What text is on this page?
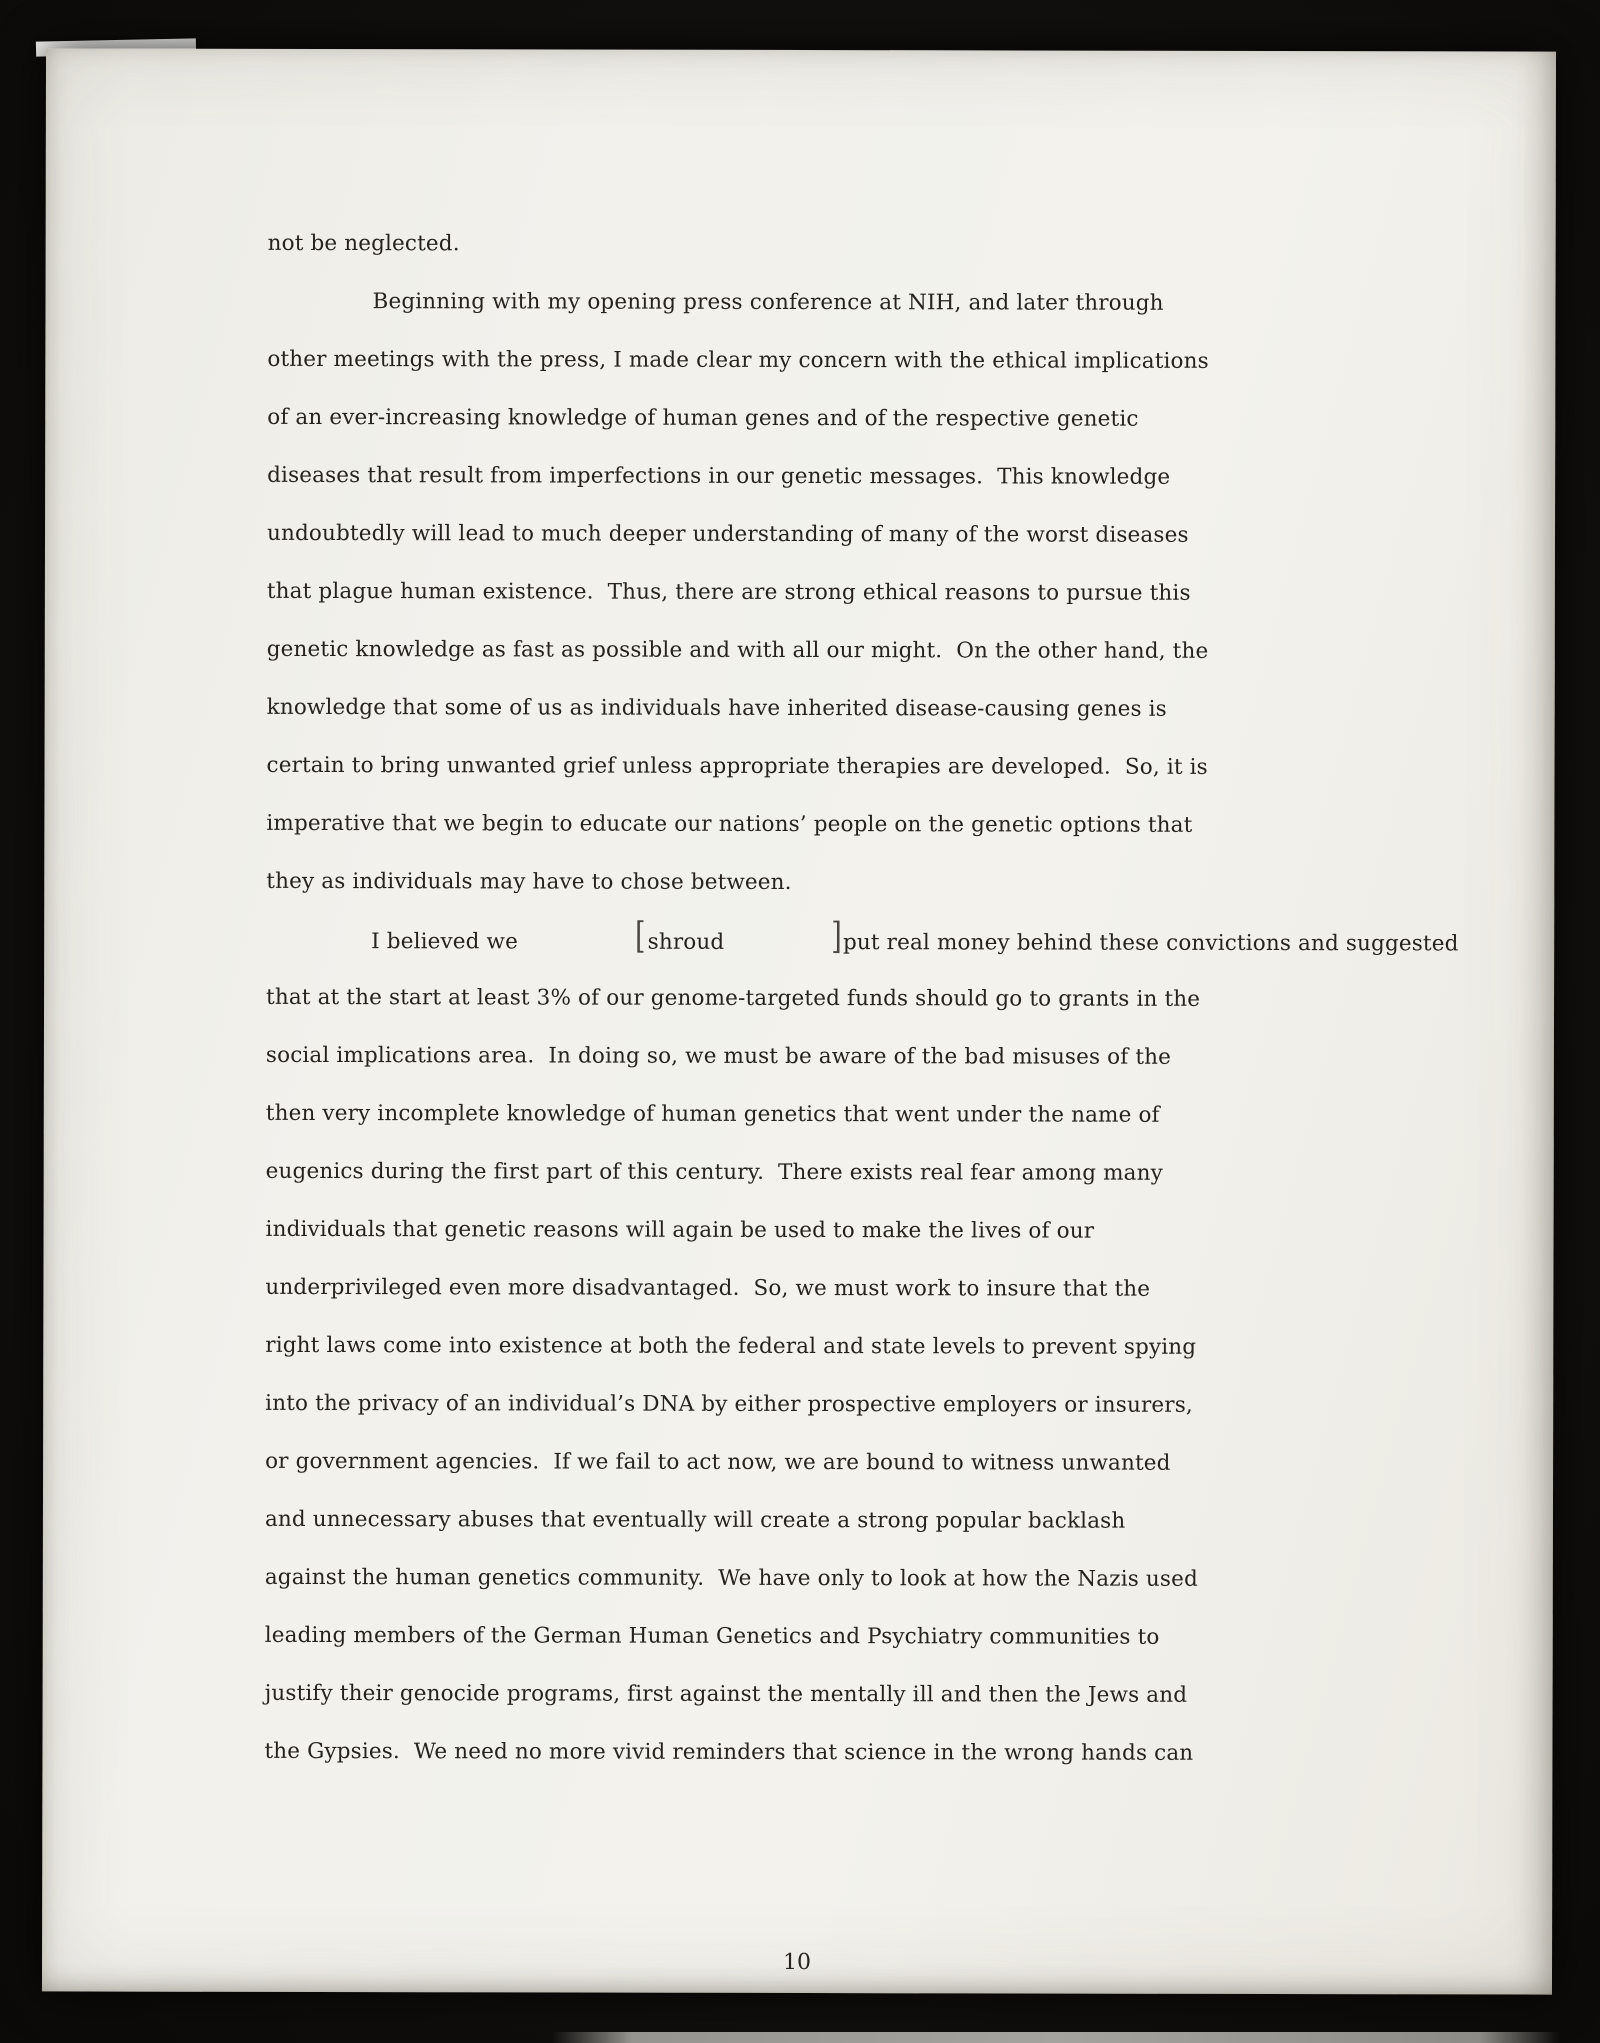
not be neglected.
Beginning with my opening press conference at NIH, and later through
other meetings with the press, I made clear my concern with the ethical implications
of an ever-increasing knowledge of human genes and of the respective genetic
diseases that result from imperfections in our genetic messages.  This knowledge
undoubtedly will lead to much deeper understanding of many of the worst diseases
that plague human existence.  Thus, there are strong ethical reasons to pursue this
genetic knowledge as fast as possible and with all our might.  On the other hand, the
knowledge that some of us as individuals have inherited disease-causing genes is
certain to bring unwanted grief unless appropriate therapies are developed.  So, it is
imperative that we begin to educate our nations’ people on the genetic options that
they as individuals may have to chose between.
I believed we	[shroud	]put real money behind these convictions and suggested
that at the start at least 3% of our genome-targeted funds should go to grants in the
social implications area.  In doing so, we must be aware of the bad misuses of the
then very incomplete knowledge of human genetics that went under the name of
eugenics during the first part of this century.  There exists real fear among many
individuals that genetic reasons will again be used to make the lives of our
underprivileged even more disadvantaged.  So, we must work to insure that the
right laws come into existence at both the federal and state levels to prevent spying
into the privacy of an individual’s DNA by either prospective employers or insurers,
or government agencies.  If we fail to act now, we are bound to witness unwanted
and unnecessary abuses that eventually will create a strong popular backlash
against the human genetics community.  We have only to look at how the Nazis used
leading members of the German Human Genetics and Psychiatry communities to
justify their genocide programs, first against the mentally ill and then the Jews and
the Gypsies.  We need no more vivid reminders that science in the wrong hands can
10
